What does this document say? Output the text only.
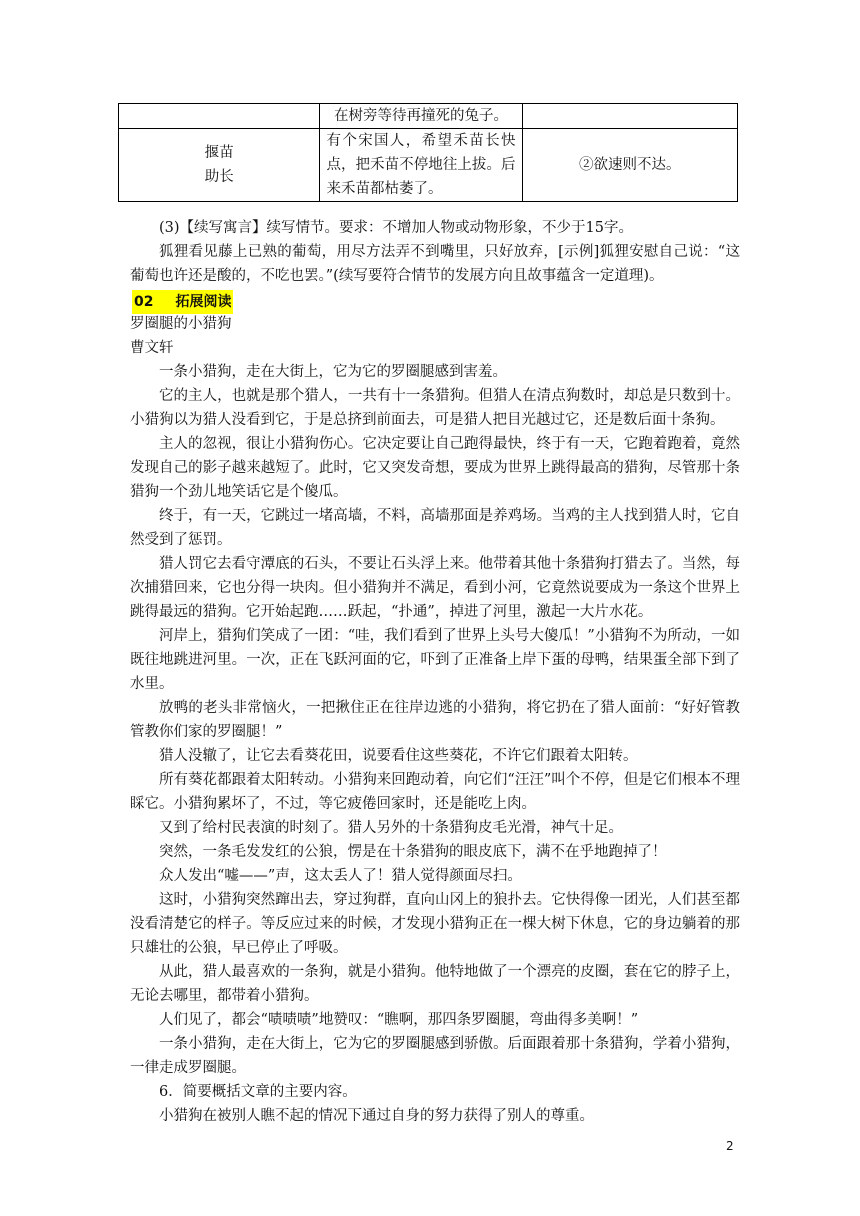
	在树旁等待再撞死的兔子。	

揠苗
助长	有个宋国人，希望禾苗长快点，把禾苗不停地往上拔。后来禾苗都枯萎了。	②欲速则不达。

(3)【续写寓言】续写情节。要求：不增加人物或动物形象，不少于15字。

狐狸看见藤上已熟的葡萄，用尽方法弄不到嘴里，只好放弃，[示例]狐狸安慰自己说：“这葡萄也许还是酸的，不吃也罢。”(续写要符合情节的发展方向且故事蕴含一定道理)。

02 拓展阅读

罗圈腿的小猎狗

曹文轩

一条小猎狗，走在大街上，它为它的罗圈腿感到害羞。

它的主人，也就是那个猎人，一共有十一条猎狗。但猎人在清点狗数时，却总是只数到十。小猎狗以为猎人没看到它，于是总挤到前面去，可是猎人把目光越过它，还是数后面十条狗。

主人的忽视，很让小猎狗伤心。它决定要让自己跑得最快，终于有一天，它跑着跑着，竟然发现自己的影子越来越短了。此时，它又突发奇想，要成为世界上跳得最高的猎狗，尽管那十条猎狗一个劲儿地笑话它是个傻瓜。

终于，有一天，它跳过一堵高墙，不料，高墙那面是养鸡场。当鸡的主人找到猎人时，它自然受到了惩罚。

猎人罚它去看守潭底的石头，不要让石头浮上来。他带着其他十条猎狗打猎去了。当然，每次捕猎回来，它也分得一块肉。但小猎狗并不满足，看到小河，它竟然说要成为一条这个世界上跳得最远的猎狗。它开始起跑……跃起，“扑通”，掉进了河里，激起一大片水花。

河岸上，猎狗们笑成了一团：“哇，我们看到了世界上头号大傻瓜！”小猎狗不为所动，一如既往地跳进河里。一次，正在飞跃河面的它，吓到了正准备上岸下蛋的母鸭，结果蛋全部下到了水里。

放鸭的老头非常恼火，一把揪住正在往岸边逃的小猎狗，将它扔在了猎人面前：“好好管教管教你们家的罗圈腿！”

猎人没辙了，让它去看葵花田，说要看住这些葵花，不许它们跟着太阳转。

所有葵花都跟着太阳转动。小猎狗来回跑动着，向它们“汪汪”叫个不停，但是它们根本不理睬它。小猎狗累坏了，不过，等它疲倦回家时，还是能吃上肉。

又到了给村民表演的时刻了。猎人另外的十条猎狗皮毛光滑，神气十足。

突然，一条毛发发红的公狼，愣是在十条猎狗的眼皮底下，满不在乎地跑掉了！

众人发出“嘘——”声，这太丢人了！猎人觉得颜面尽扫。

这时，小猎狗突然蹿出去，穿过狗群，直向山冈上的狼扑去。它快得像一团光，人们甚至都没看清楚它的样子。等反应过来的时候，才发现小猎狗正在一棵大树下休息，它的身边躺着的那只雄壮的公狼，早已停止了呼吸。

从此，猎人最喜欢的一条狗，就是小猎狗。他特地做了一个漂亮的皮圈，套在它的脖子上，无论去哪里，都带着小猎狗。

人们见了，都会“啧啧啧”地赞叹：“瞧啊，那四条罗圈腿，弯曲得多美啊！”

一条小猎狗，走在大街上，它为它的罗圈腿感到骄傲。后面跟着那十条猎狗，学着小猎狗，一律走成罗圈腿。

6．简要概括文章的主要内容。

小猎狗在被别人瞧不起的情况下通过自身的努力获得了别人的尊重。

2
